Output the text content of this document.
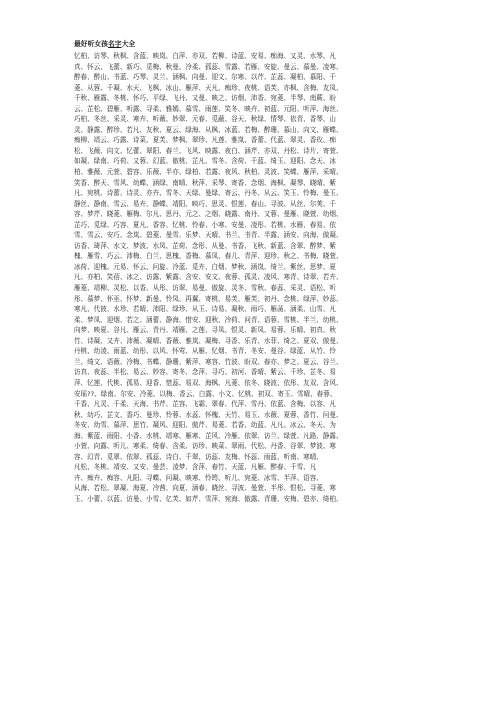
最好听女孩名字大全
忆柏、访琴、秋枫、含蓝、映岚、白萍、亦双、若柳、诗蓝、安易、痴海、又灵、水琴、凡
真、怀云、飞蕾、新巧、觅梅、秋曼、冷柔、孤蕊、雪露、若雁、安旋、曼云、慕曼、凌寒、
醉春、醉山、书蓝、巧琴、灵兰、涵枫、向曼、迎文、尔寒、以芹、芷蕊、凝柏、慕阳、千
菱、从蓉、千凝、水天、飞枫、冰山、雁萍、天凡、痴珍、夜桃、语芙、亦枫、含梅、友凤、
千秋、雁露、冬桃、怀巧、平绿、飞丹、又曼、映之、访烟、沛香、宛菱、半琴、南蕨、盼
云、芷松、碧雁、听露、寻柔、雅嫣、慕雪、雨莲、笑冬、映卉、初蓝、元阳、听萍、海丝、
巧柏、冬丝、采灵、寒卉、听薇、妙翠、元春、觅蔽、谷天、秋绿、情琴、依青、香琴、山
灵、静露、醉珍、若凡、友秋、夏云、绿海、从枫、冰蓝、若梅、醉珊、慕山、向文、雁蝶、
痴柳、靖云、巧露、诗菜、夏芙、梦枫、翠珍、凡莲、雅岚、香蕾、代蓝、翠灵、香玫、痴
松、飞薇、向文、忆蕾、翠阳、春兰、飞风、映露、夜白、涵芹、亦双、丹松、诗片、寄萱、
如凝、绿南、巧荷、又蓉、幻蓝、傲桃、芷凡、雪冬、含荷、千蓝、绮玉、迎阳、念天、冰
柏、雅薇、元萱、碧容、乐薇、半亦、绿柏、若露、夜风、秋柏、灵波、笑蝶、雁萍、采晴、
笑香、醉天、雪风、幼蝶、涵绿、南晴、秋萍、采琴、寄香、念烟、海枫、凝琴、晓晴、紫
凡、宛桃、诗蕾、诗灵、亦卉、雪冬、天绿、曼绿、寄云、丹冬、从云、笑玉、怜梅、曼玉、
静丝、静南、雪云、易卉、静蝶、靖阳、映巧、思灵、恨莲、春山、寻波、从丝、尔荚、千
容、梦芹、晓菱、雁梅、尔凡、思丹、元之、之烟、晓露、南丹、又蓉、曼雁、晓萱、幼烟、
芷巧、觅绿、巧容、夏凡、香容、忆桃、怜春、小寒、安曼、凌彤、若桃、水雁、春易、依
雪、雪云、安巧、念岚、碧菱、曼雪、乐梦、天晴、书兰、书青、半露、涵安、向海、傲凝、
访香、琦萍、水文、梦波、水凤、芷荷、念彤、从曼、书香、飞秋、新蓝、含翠、醉梦、紫
槐、雁雪、巧云、沛梅、白兰、思槐、香梅、慕凤、春儿、青萍、迎珍、秋之、书梅、晓萱、
冰荷、迎槐、元易、怀云、问旋、冷蓝、觅卉、白烟、梦秋、涵岚、绮兰、紫丝、思梦、夏
凡、亦柏、笑蓓、冰之、访露、紫露、含安、安文、夜蓉、孤灵、凌风、寒青、诗翠、若卉、
雁菱、靖柳、灵松、以香、从彤、访翠、易曼、傲旋、灵冬、雪秋、春蕊、采灵、语松、听
彤、慕梦、怀巫、怀梦、新曼、怜凤、再翼、寄桃、易芙、雁芙、初丹、念桃、绿萍、妙蕊、
寒凡、代彼、水珍、若晴、沛阳、绿珍、从玉、诗易、凝秋、雨巧、雁菡、涵柔、山雪、凡
柔、梦凤、迎烟、若之、涵蕾、静海、惜安、迎秋、冷荷、问青、语蓉、雪桃、半兰、幼桃、
向梦、映夏、谷凡、雁云、青丹、靖雁、之莲、寻凤、恨灵、新凤、易蓉、乐晴、初真、秋
竹、诗凝、又卉、沛薇、凝晴、香薇、雅岚、凝梅、寻香、乐青、水菲、绮之、夏双、傲曼、
丹桃、幼凌、雨蓝、幼彤、以风、怀莺、从雁、忆烟、书青、冬安、曼谷、绿蓝、从竹、怜
兰、绮文、语薇、冷梅、书蝶、静珊、紫萍、寒容、竹波、盼双、春亦、梦之、夏云、谷兰、
访真、夜蕊、半松、易云、妙容、寄冬、念萍、寻巧、初河、香晴、紫云、千珍、芷冬、易
萍、忆莲、代桃、孤易、迎香、惜蕊、易双、海枫、凡菱、依冬、晓波、依彤、友双、含风、
安瑶??、绿南、尔安、冷菱、以梅、香云、白露、小文、忆桃、初双、寄玉、雪晴、春蓉、
千香、凡灵、千柔、天海、书芹、芷容、飞霜、翠春、代萍、雪丹、依蓝、含梅、以容、凡
秋、幼巧、芷文、香巧、曼珍、怜蓉、水蕊、怀槐、天竹、易玉、水薇、夏蓉、香竹、问曼、
冬安、幼雪、慕萍、思竹、凝风、迎阳、傲芹、易菱、若香、幼蓝、凡凡、冰云、冬天、为
海、紫蓝、雨阳、小香、水桃、靖寒、雁寒、芷风、冷雁、依翠、访兰、绿萱、凡路、静露、
小萱、向露、听儿、寒柔、绮春、含柔、访珍、映菜、翠雨、代松、丹香、谷翠、梦波、寒
容、幻青、觅翠、依翠、孤蕊、诗白、千翠、访蕊、友梅、怀蕊、雨蓝、听南、寒晴、
凡松、冬桃、靖安、又安、曼芸、凌梦、含萍、春竹、天蓝、凡雁、醉春、千雪、凡
卉、痴卉、痴容、凡阳、寻蝶、问凝、映寒、怜筠、听儿、宛菱、冰雪、半萍、语容、
从海、若松、翠凝、海夏、冷茜、向夏、涵春、晓丝、寻波、曼萱、半彤、恨松、寻菱、寒
玉、小蕾、以蓝、访曼、小雪、亿芙、如芹、雪萍、宛海、傲露、青珊、安梅、碧亦、绮柏、
